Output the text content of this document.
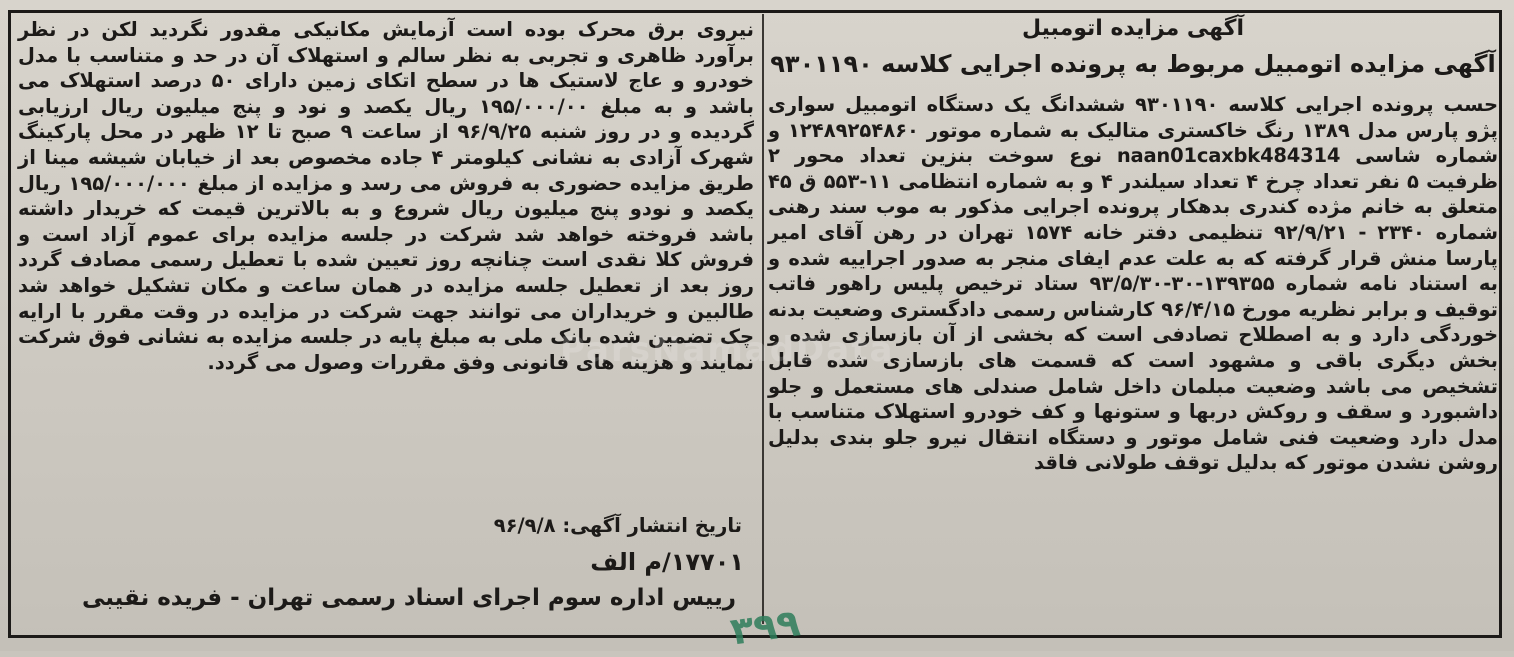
آگهی مزایده اتومبیل
آگهی مزایده اتومبیل مربوط به پرونده اجرایی کلاسه ۹۳۰۱۱۹۰

حسب پرونده اجرایی کلاسه ۹۳۰۱۱۹۰ ششدانگ یک دستگاه اتومبیل سواری پژو پارس مدل ۱۳۸۹ رنگ خاکستری متالیک به شماره موتور ۱۲۴۸۹۲۵۴۸۶۰ و شماره شاسی naan01caxbk484314 نوع سوخت بنزین تعداد محور ۲ ظرفیت ۵ نفر تعداد چرخ ۴ تعداد سیلندر ۴ و به شماره انتظامی ۱۱-۵۵۳ ق ۴۵ متعلق به خانم مژده کندری بدهکار پرونده اجرایی مذکور به موب سند رهنی شماره ۲۳۴۰ - ۹۲/۹/۲۱ تنظیمی دفتر خانه ۱۵۷۴ تهران در رهن آقای امیر پارسا منش قرار گرفته که به علت عدم ایفای منجر به صدور اجراییه شده و به استناد نامه شماره ۱۳۹۳۵۵-۳۰-۹۳/۵/۳۰ ستاد ترخیص پلیس راهور فاتب توقیف و برابر نظریه مورخ ۹۶/۴/۱۵ کارشناس رسمی دادگستری وضعیت بدنه خوردگی دارد و به اصطلاح تصادفی است که بخشی از آن بازسازی شده و بخش دیگری باقی و مشهود است که قسمت های بازسازی شده قابل تشخیص می باشد وضعیت مبلمان داخل شامل صندلی های مستعمل و جلو داشبورد و سقف و روکش دربها و ستونها و کف خودرو استهلاک متناسب با مدل دارد وضعیت فنی شامل موتور و دستگاه انتقال نیرو جلو بندی بدلیل روشن نشدن موتور که بدلیل توقف طولانی فاقد

نیروی برق محرک بوده است آزمایش مکانیکی مقدور نگردید لکن در نظر برآورد ظاهری و تجربی به نظر سالم و استهلاک آن در حد و متناسب با مدل خودرو و عاج لاستیک ها در سطح اتکای زمین دارای ۵۰ درصد استهلاک می باشد و به مبلغ ۱۹۵/۰۰۰/۰۰ ریال یکصد و نود و پنج میلیون ریال ارزیابی گردیده و در روز شنبه ۹۶/۹/۲۵ از ساعت ۹ صبح تا ۱۲ ظهر در محل پارکینگ شهرک آزادی به نشانی کیلومتر ۴ جاده مخصوص بعد از خیابان شیشه مینا از طریق مزایده حضوری به فروش می رسد و مزایده از مبلغ ۱۹۵/۰۰۰/۰۰۰ ریال یکصد و نودو پنج میلیون ریال شروع و به بالاترین قیمت که خریدار داشته باشد فروخته خواهد شد شرکت در جلسه مزایده برای عموم آزاد است و فروش کلا نقدی است چنانچه روز تعیین شده با تعطیل رسمی مصادف گردد روز بعد از تعطیل جلسه مزایده در همان ساعت و مکان تشکیل خواهد شد طالبین و خریداران می توانند جهت شرکت در مزایده در وقت مقرر با ارایه چک تضمین شده بانک ملی به مبلغ پایه در جلسه مزایده به نشانی فوق شرکت نمایند و هزینه های قانونی وفق مقررات وصول می گردد.

تاریخ انتشار آگهی: ۹۶/۹/۸
۱۷۷۰۱/م الف
رییس اداره سوم اجرای اسناد رسمی تهران - فریده نقیبی
ParsNamadData
۳۹۹
